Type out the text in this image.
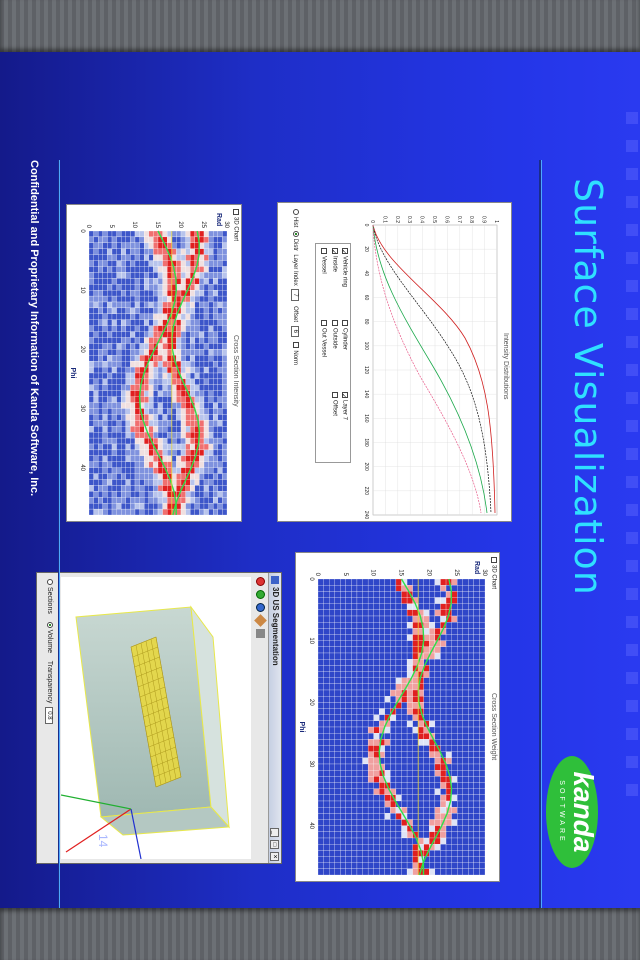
Surface Visualization
kanda
SOFTWARE
Intensity Distributions
0 0.1 0.2 0.3 0.4 0.5 0.6 0.7 0.8 0.9 1
0
20
40
60
80
100
120
140
160
180
200
220
240
✓Vehicle ring
Cylinder
✓Layer 7
✓Inside
Outside
Offset
Vessel
Out Vessel
Hist  Distr  Layer Index 7  Offset 6  Norm
3D Chart
Cross Section Intensity
0
10
20
30
40
0	5	10	15	20	25	30
Phi
Rad
3D Chart
Cross Section Weight
0
10
20
30
40
0	5	10	15	20	25	30
Phi
Rad
3D US Segmentation
_
□
×
Sections    Volume    Transparency 0.8
14
Confidential and Proprietary Information of Kanda Software, Inc.
